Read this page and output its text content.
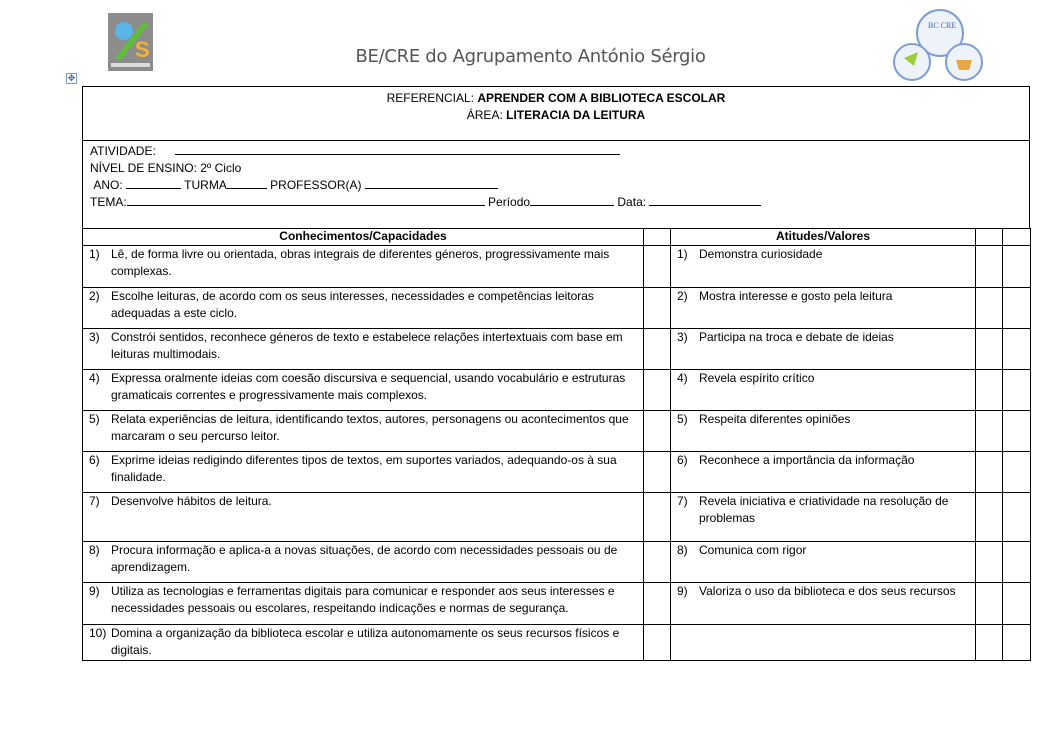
S
BC CRE
BE/CRE do Agrupamento António Sérgio
✥
REFERENCIAL: APRENDER COM A BIBLIOTECA ESCOLAR
ÁREA: LITERACIA DA LEITURA
ATIVIDADE:
NÍVEL DE ENSINO: 2º Ciclo
ANO:	TURMA	PROFESSOR(A)
TEMA:	Período	Data:
Conhecimentos/Capacidades		Atitudes/Valores		

1) Lê, de forma livre ou orientada, obras integrais de diferentes géneros, progressivamente mais complexas.		1) Demonstra curiosidade		

2) Escolhe leituras, de acordo com os seus interesses, necessidades e competências leitoras adequadas a este ciclo.		2) Mostra interesse e gosto pela leitura		

3) Constrói sentidos, reconhece géneros de texto e estabelece relações intertextuais com base em leituras multimodais.		3) Participa na troca e debate de ideias		

4) Expressa oralmente ideias com coesão discursiva e sequencial, usando vocabulário e estruturas gramaticais correntes e progressivamente mais complexos.		4) Revela espírito crítico		

5) Relata experiências de leitura, identificando textos, autores, personagens ou acontecimentos que marcaram o seu percurso leitor.		5) Respeita diferentes opiniões		

6) Exprime ideias redigindo diferentes tipos de textos, em suportes variados, adequando-os à sua finalidade.		6) Reconhece a importância da informação		

7) Desenvolve hábitos de leitura.		7) Revela iniciativa e criatividade na resolução de problemas		

8) Procura informação e aplica-a a novas situações, de acordo com necessidades pessoais ou de aprendizagem.		8) Comunica com rigor		

9) Utiliza as tecnologias e ferramentas digitais para comunicar e responder aos seus interesses e necessidades pessoais ou escolares, respeitando indicações e normas de segurança.		9) Valoriza o uso da biblioteca e dos seus recursos		

10) Domina a organização da biblioteca escolar e utiliza autonomamente os seus recursos físicos e digitais.				
